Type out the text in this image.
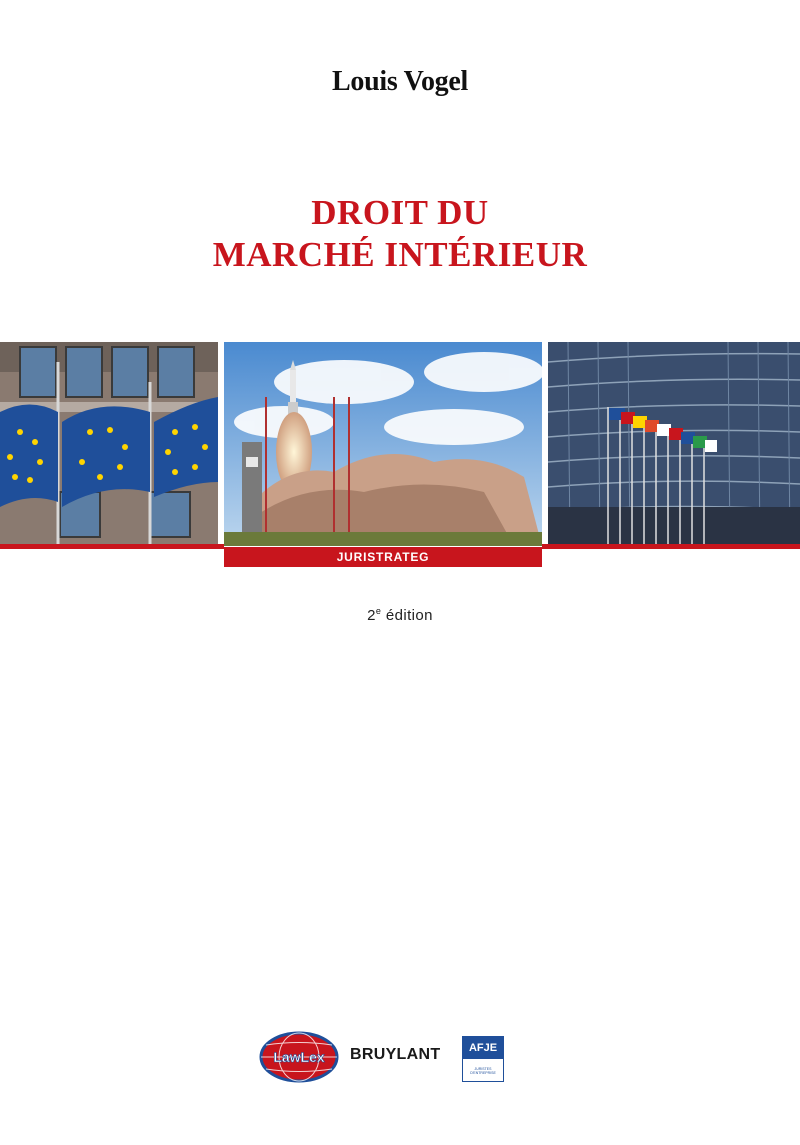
Louis Vogel
DROIT DU
MARCHÉ INTÉRIEUR
JURISTRATEG
2e édition
LawLex BRUYLANT	AFJE
JURISTES D'ENTREPRISE
